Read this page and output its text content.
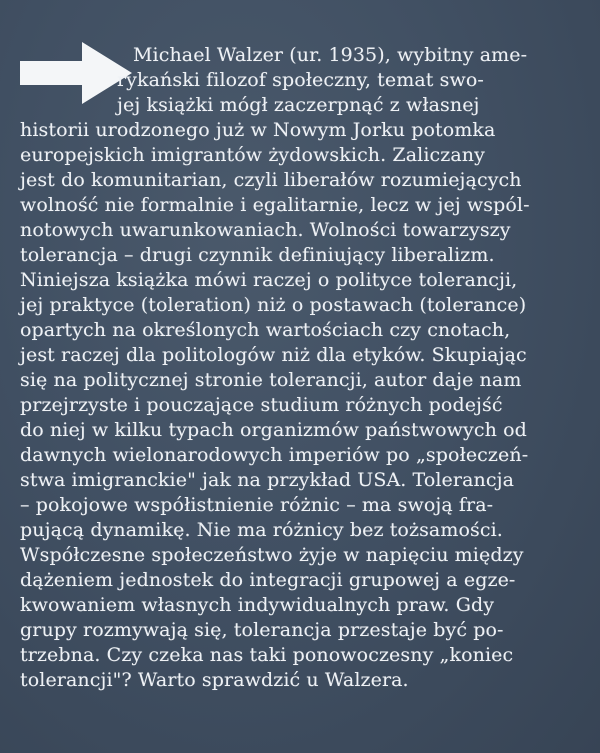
Michael Walzer (ur. 1935), wybitny ame-
rykański filozof społeczny, temat swo-
jej książki mógł zaczerpnąć z własnej
historii urodzonego już w Nowym Jorku potomka
europejskich imigrantów żydowskich. Zaliczany
jest do komunitarian, czyli liberałów rozumiejących
wolność nie formalnie i egalitarnie, lecz w jej wspól-
notowych uwarunkowaniach. Wolności towarzyszy
tolerancja – drugi czynnik definiujący liberalizm.
Niniejsza książka mówi raczej o polityce tolerancji,
jej praktyce (toleration) niż o postawach (tolerance)
opartych na określonych wartościach czy cnotach,
jest raczej dla politologów niż dla etyków. Skupiając
się na politycznej stronie tolerancji, autor daje nam
przejrzyste i pouczające studium różnych podejść
do niej w kilku typach organizmów państwowych od
dawnych wielonarodowych imperiów po „społeczeń-
stwa imigranckie" jak na przykład USA. Tolerancja
– pokojowe współistnienie różnic – ma swoją fra-
pującą dynamikę. Nie ma różnicy bez tożsamości.
Współczesne społeczeństwo żyje w napięciu między
dążeniem jednostek do integracji grupowej a egze-
kwowaniem własnych indywidualnych praw. Gdy
grupy rozmywają się, tolerancja przestaje być po-
trzebna. Czy czeka nas taki ponowoczesny „koniec
tolerancji"? Warto sprawdzić u Walzera.
